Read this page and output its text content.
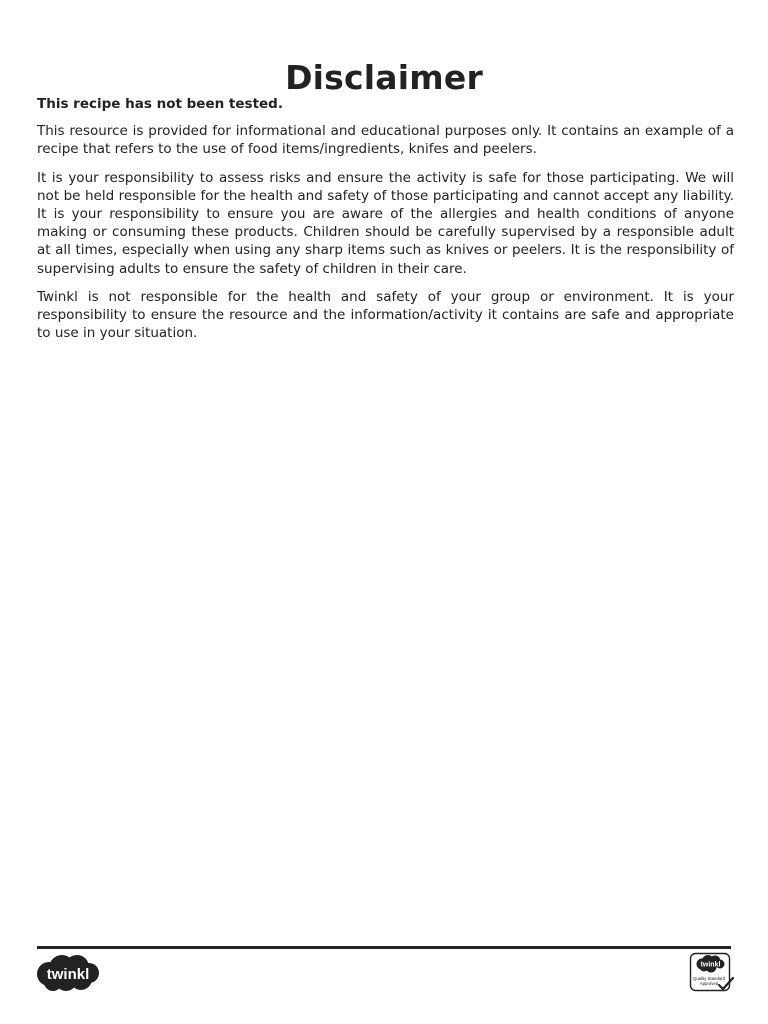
Disclaimer

This recipe has not been tested.

This resource is provided for informational and educational purposes only. It contains an example of a recipe that refers to the use of food items/ingredients, knifes and peelers.

It is your responsibility to assess risks and ensure the activity is safe for those participating. We will not be held responsible for the health and safety of those participating and cannot accept any liability. It is your responsibility to ensure you are aware of the allergies and health conditions of anyone making or consuming these products. Children should be carefully supervised by a responsible adult at all times, especially when using any sharp items such as knives or peelers. It is the responsibility of supervising adults to ensure the safety of children in their care.

Twinkl is not responsible for the health and safety of your group or environment. It is your responsibility to ensure the resource and the information/activity it contains are safe and appropriate to use in your situation.

twinkl
twinkl
Quality Standard
Approved
